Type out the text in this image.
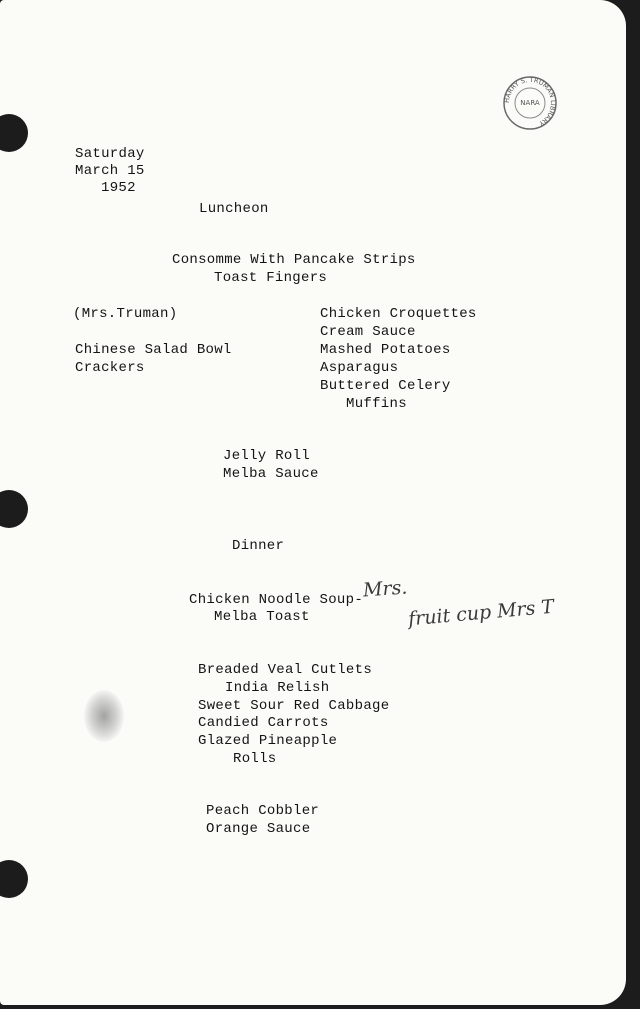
HARRY S. TRUMAN LIBRARY
NARA
Saturday
March 15
1952
Luncheon
Consomme With Pancake Strips
Toast Fingers
(Mrs.Truman)
Chinese Salad Bowl
Crackers
Chicken Croquettes
Cream Sauce
Mashed Potatoes
Asparagus
Buttered Celery
Muffins
Jelly Roll
Melba Sauce
Dinner
Chicken Noodle Soup-
Melba Toast
Mrs.
fruit cup Mrs T
Breaded Veal Cutlets
India Relish
Sweet Sour Red Cabbage
Candied Carrots
Glazed Pineapple
Rolls
Peach Cobbler
Orange Sauce
